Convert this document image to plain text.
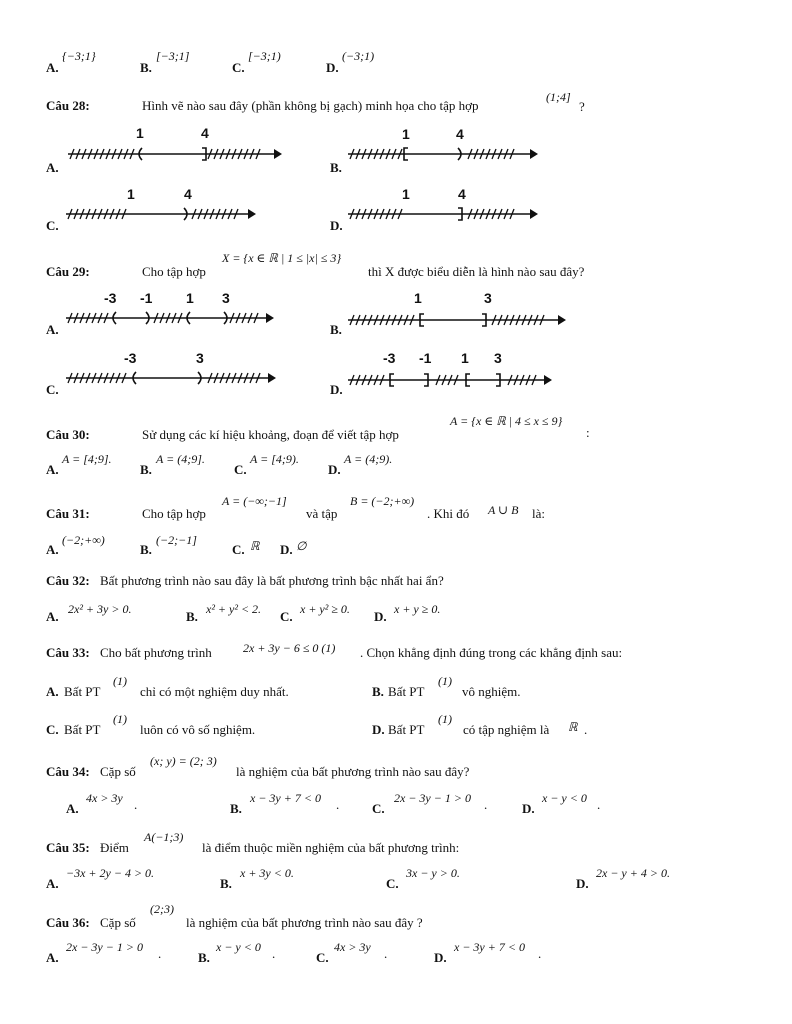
A.
{−3;1}
B.
[−3;1]
C.
[−3;1)
D.
(−3;1)
Câu 28:	Hình vẽ nào sau đây (phần không bị gạch) minh họa cho tập hợp
(1;4]
?
A.
1	4
B.
1	4
C.
1	4
D.
1	4
Câu 29:	Cho tập hợp
X = {x ∈ ℝ | 1 ≤ |x| ≤ 3}
thì X được biểu diễn là hình nào sau đây?
A.
-3 -1 1 3
B.
1	3
C.
-3	3
D.
-3 -1 1 3
Câu 30:	Sử dụng các kí hiệu khoảng, đoạn để viết tập hợp
A = {x ∈ ℝ | 4 ≤ x ≤ 9}
:
A.
A = [4;9].
B.
A = (4;9].
C.
A = [4;9).
D.
A = (4;9).
Câu 31:	Cho tập hợp
A = (−∞;−1]
và tập
B = (−2;+∞)
. Khi đó A ∪ B là:
A.
(−2;+∞)
B.
(−2;−1]
C. ℝ D. ∅
Câu 32: Bất phương trình nào sau đây là bất phương trình bậc nhất hai ẩn?
A. 2x² + 3y > 0.	B. x² + y² < 2. C. x + y² ≥ 0. D. x + y ≥ 0.
Câu 33: Cho bất phương trình	2x + 3y − 6 ≤ 0 (1) . Chọn khẳng định đúng trong các khẳng định sau:
A. Bất PT
(1)
chỉ có một nghiệm duy nhất.	B. Bất PT
(1)
vô nghiệm.
C. Bất PT
(1)
luôn có vô số nghiệm.	D. Bất PT
(1)
có tập nghiệm là ℝ .
Câu 34: Cặp số
(x; y) = (2; 3)
là nghiệm của bất phương trình nào sau đây?
A.
4x > 3y .	B.
x − 3y + 7 < 0 .	C.
2x − 3y − 1 > 0 .	D.
x − y < 0 .
Câu 35: Điểm
A(−1;3)
là điểm thuộc miền nghiệm của bất phương trình:
A.
−3x + 2y − 4 > 0.
B.
x + 3y < 0.
C.
3x − y > 0.
D.
2x − y + 4 > 0.
Câu 36: Cặp số
(2;3)
là nghiệm của bất phương trình nào sau đây ?
A.
2x − 3y − 1 > 0 .	B.
x − y < 0 .	C.
4x > 3y .	D.
x − 3y + 7 < 0 .
